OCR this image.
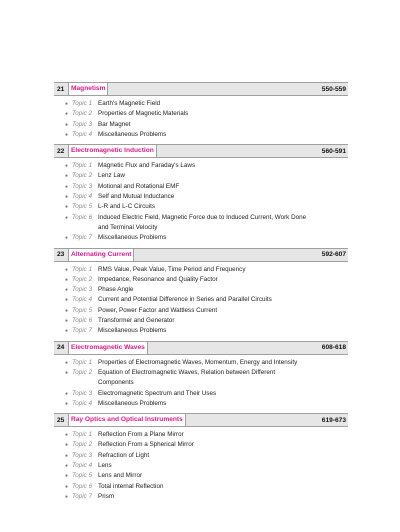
21	Magnetism	550-559
● Topic 1 Earth's Magnetic Field
● Topic 2 Properties of Magnetic Materials
● Topic 3 Bar Magnet
● Topic 4 Miscellaneous Problems
22	Electromagnetic Induction	560-591
● Topic 1 Magnetic Flux and Faraday's Laws
● Topic 2 Lenz Law
● Topic 3 Motional and Rotational EMF
● Topic 4 Self and Mutual Inductance
● Topic 5 L-R and L-C Circuits
● Topic 6 Induced Electric Field, Magnetic Force due to Induced Current, Work Done and Terminal Velocity
● Topic 7 Miscellaneous Problems
23	Alternating Current	592-607
● Topic 1 RMS Value, Peak Value, Time Period and Frequency
● Topic 2 Impedance, Resonance and Quality Factor
● Topic 3 Phase Angle
● Topic 4 Current and Potential Difference in Series and Parallel Circuits
● Topic 5 Power, Power Factor and Wattless Current
● Topic 6 Transformer and Generator
● Topic 7 Miscellaneous Problems
24	Electromagnetic Waves	608-618
● Topic 1 Properties of Electromagnetic Waves, Momentum, Energy and Intensity
● Topic 2 Equation of Electromagnetic Waves, Relation between Different Components
● Topic 3 Electromagnetic Spectrum and Their Uses
● Topic 4 Miscellaneous Problems
25	Ray Optics and Optical Instruments	619-673
● Topic 1 Reflection From a Plane Mirror
● Topic 2 Reflection From a Spherical Mirror
● Topic 3 Refraction of Light
● Topic 4 Lens
● Topic 5 Lens and Mirror
● Topic 6 Total internal Reflection
● Topic 7 Prism
